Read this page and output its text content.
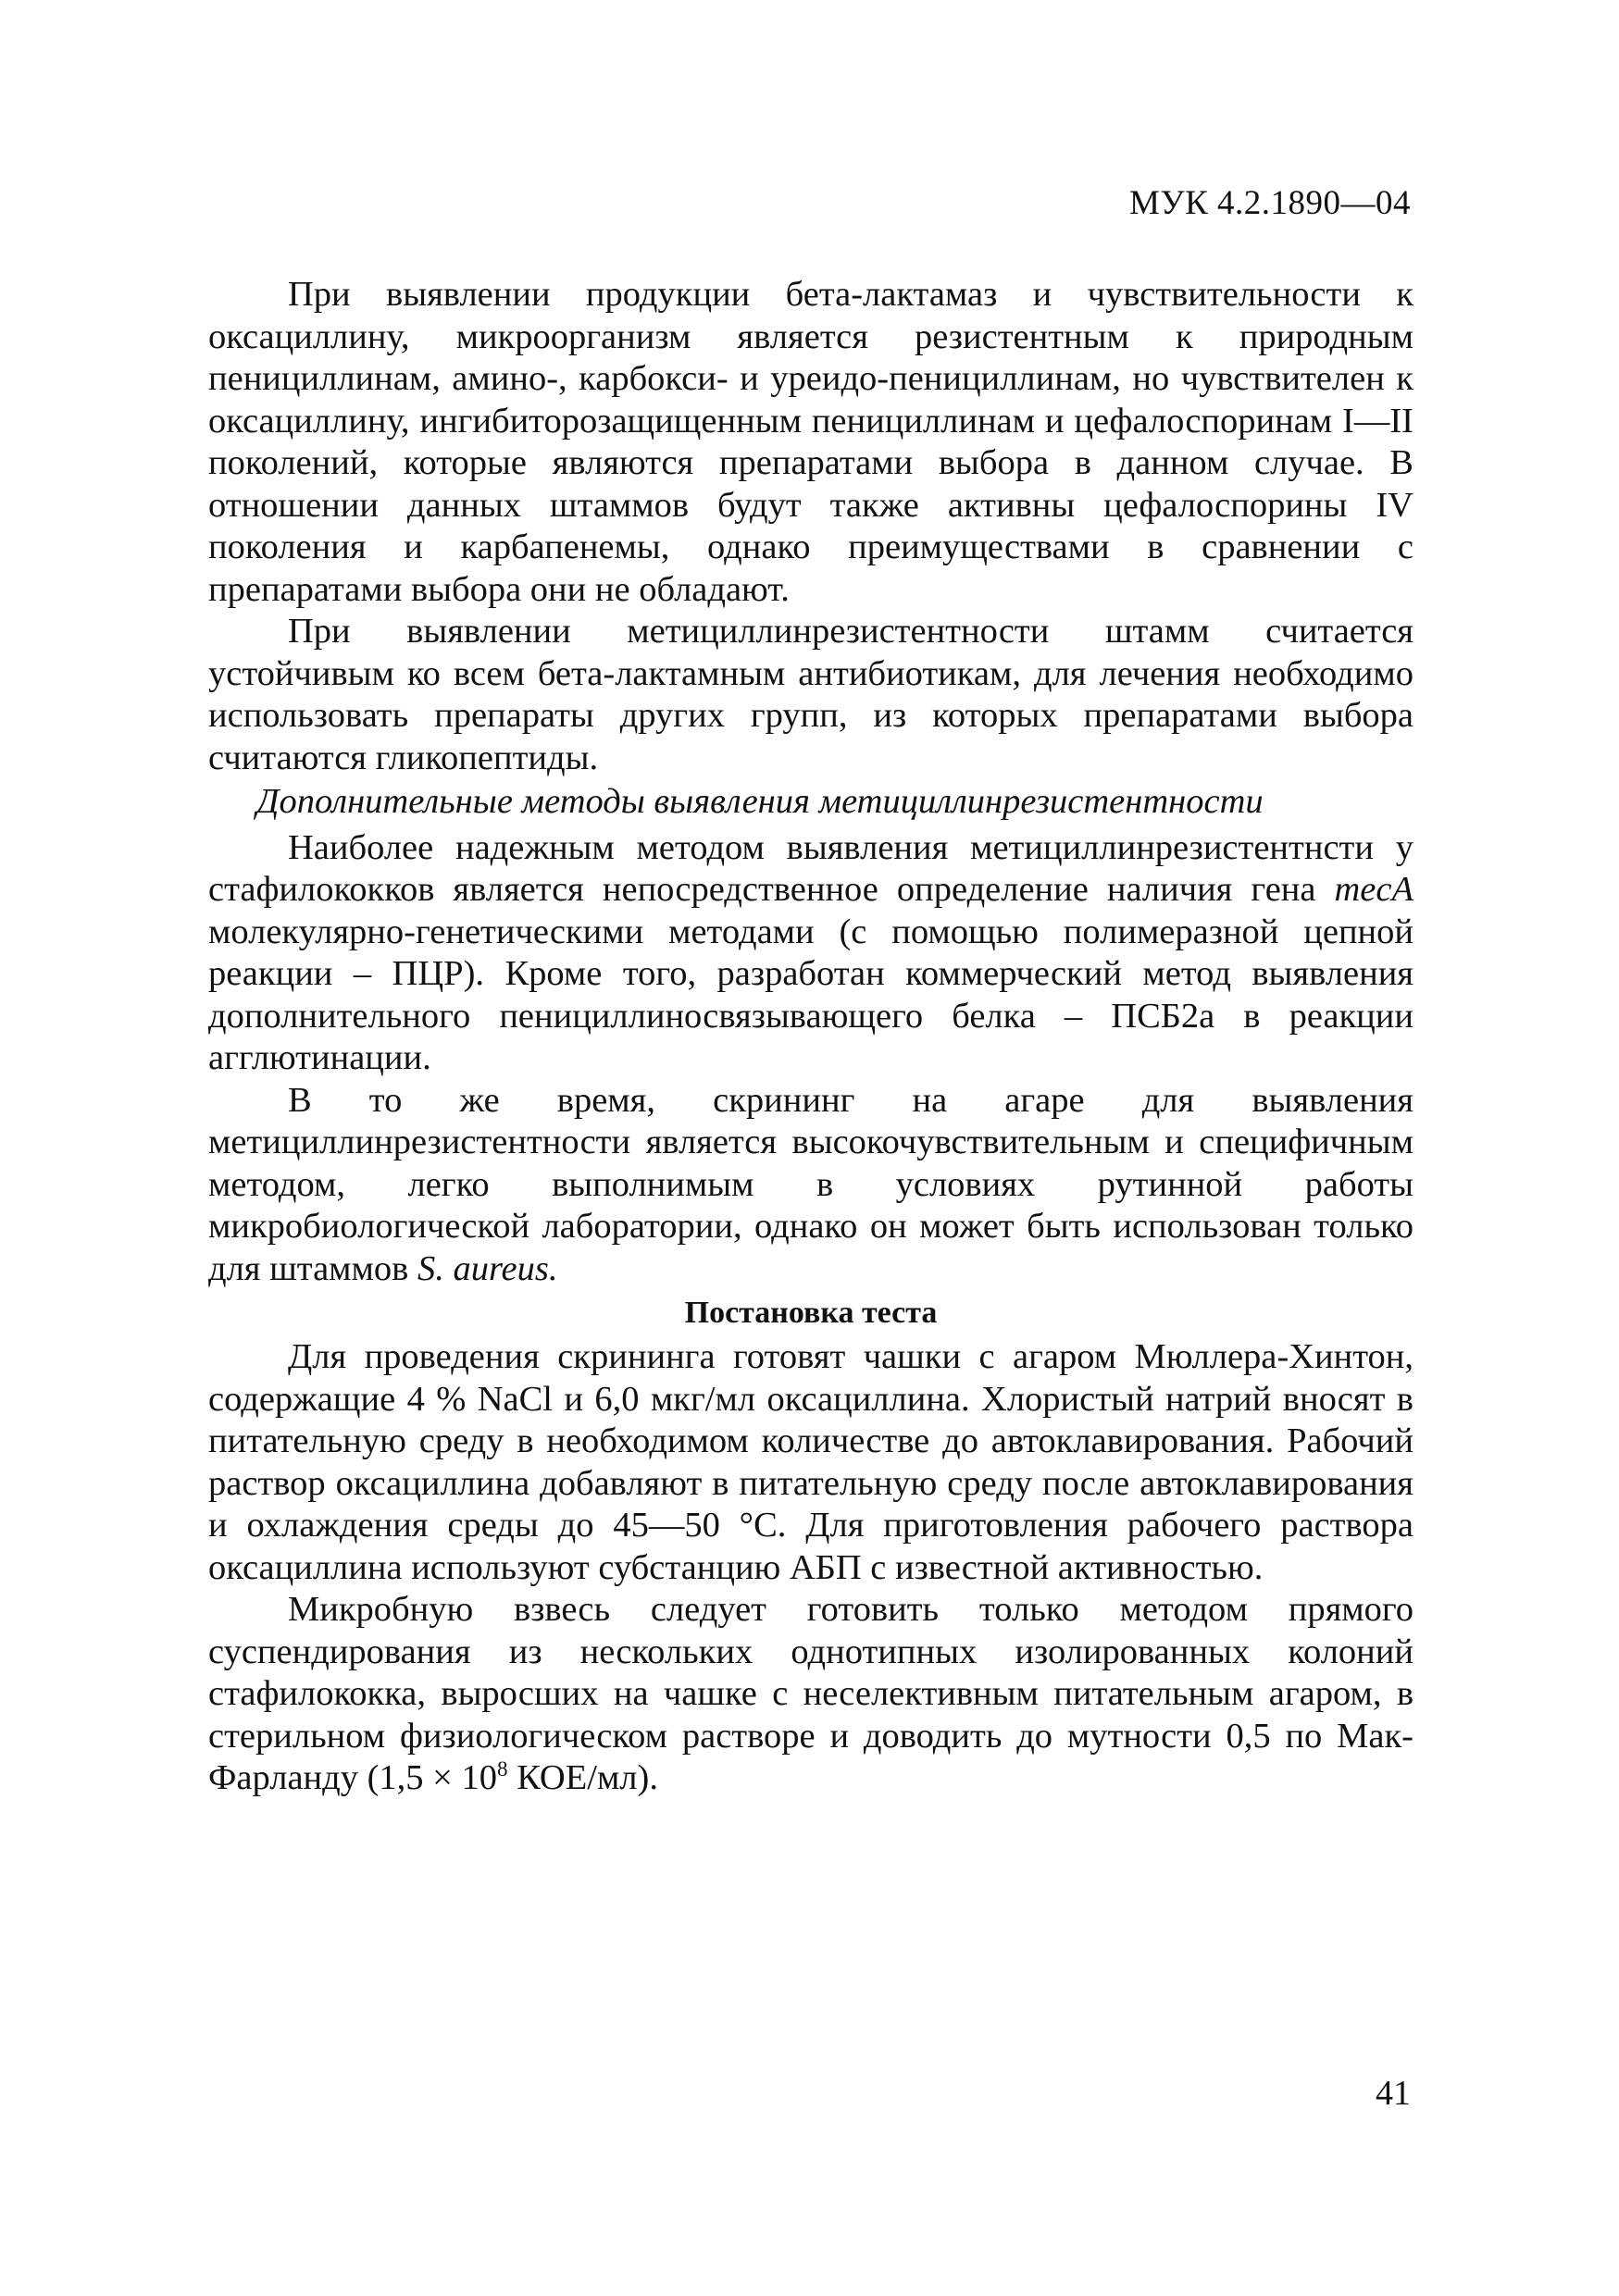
МУК 4.2.1890—04

При выявлении продукции бета-лактамаз и чувствительности к оксациллину, микроорганизм является резистентным к природным пенициллинам, амино-, карбокси- и уреидо-пенициллинам, но чувствителен к оксациллину, ингибиторозащищенным пенициллинам и цефалоспоринам I—II поколений, которые являются препаратами выбора в данном случае. В отношении данных штаммов будут также активны цефалоспорины IV поколения и карбапенемы, однако преимуществами в сравнении с препаратами выбора они не обладают.

При выявлении метициллинрезистентности штамм считается устойчивым ко всем бета-лактамным антибиотикам, для лечения необходимо использовать препараты других групп, из которых препаратами выбора считаются гликопептиды.

Дополнительные методы выявления метициллинрезистентности

Наиболее надежным методом выявления метициллинрезистентнсти у стафилококков является непосредственное определение наличия гена mecA молекулярно-генетическими методами (с помощью полимеразной цепной реакции – ПЦР). Кроме того, разработан коммерческий метод выявления дополнительного пенициллиносвязывающего белка – ПСБ2а в реакции агглютинации.

В то же время, скрининг на агаре для выявления метициллинрезистентности является высокочувствительным и специфичным методом, легко выполнимым в условиях рутинной работы микробиологической лаборатории, однако он может быть использован только для штаммов S. aureus.

Постановка теста

Для проведения скрининга готовят чашки с агаром Мюллера-Хинтон, содержащие 4 % NaCl и 6,0 мкг/мл оксациллина. Хлористый натрий вносят в питательную среду в необходимом количестве до автоклавирования. Рабочий раствор оксациллина добавляют в питательную среду после автоклавирования и охлаждения среды до 45—50 °С. Для приготовления рабочего раствора оксациллина используют субстанцию АБП с известной активностью.

Микробную взвесь следует готовить только методом прямого суспендирования из нескольких однотипных изолированных колоний стафилококка, выросших на чашке с неселективным питательным агаром, в стерильном физиологическом растворе и доводить до мутности 0,5 по Мак-Фарланду ($1,5 \times 10^8$ КОЕ/мл).

41
